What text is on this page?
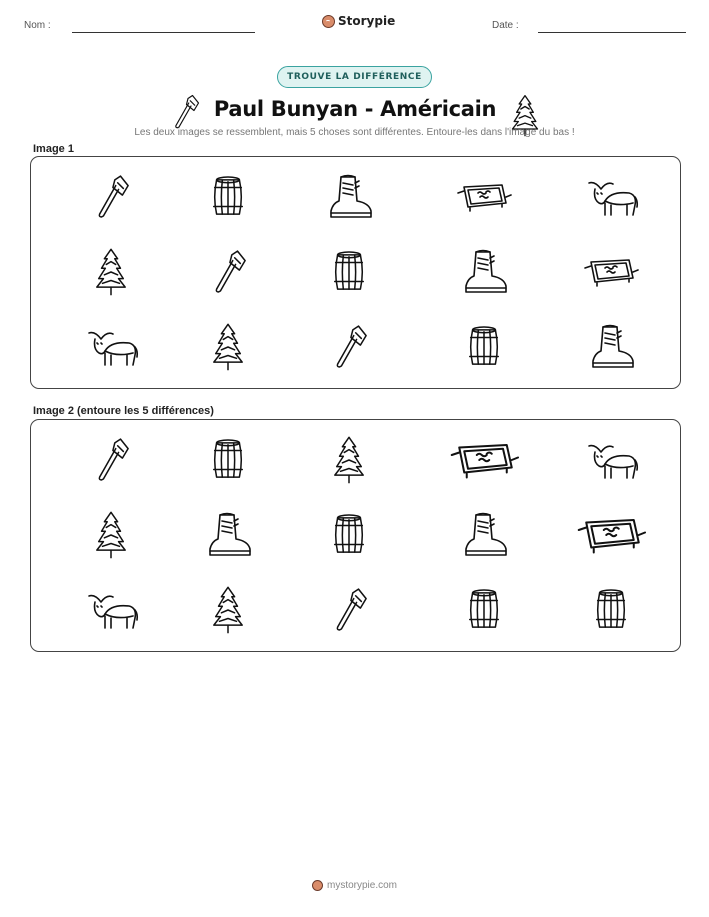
Nom :	Storypie	Date :
TROUVE LA DIFFÉRENCE
Paul Bunyan - Américain
Les deux images se ressemblent, mais 5 choses sont différentes. Entoure-les dans l'image du bas !
Image 1
Image 2 (entoure les 5 différences)
mystorypie.com
